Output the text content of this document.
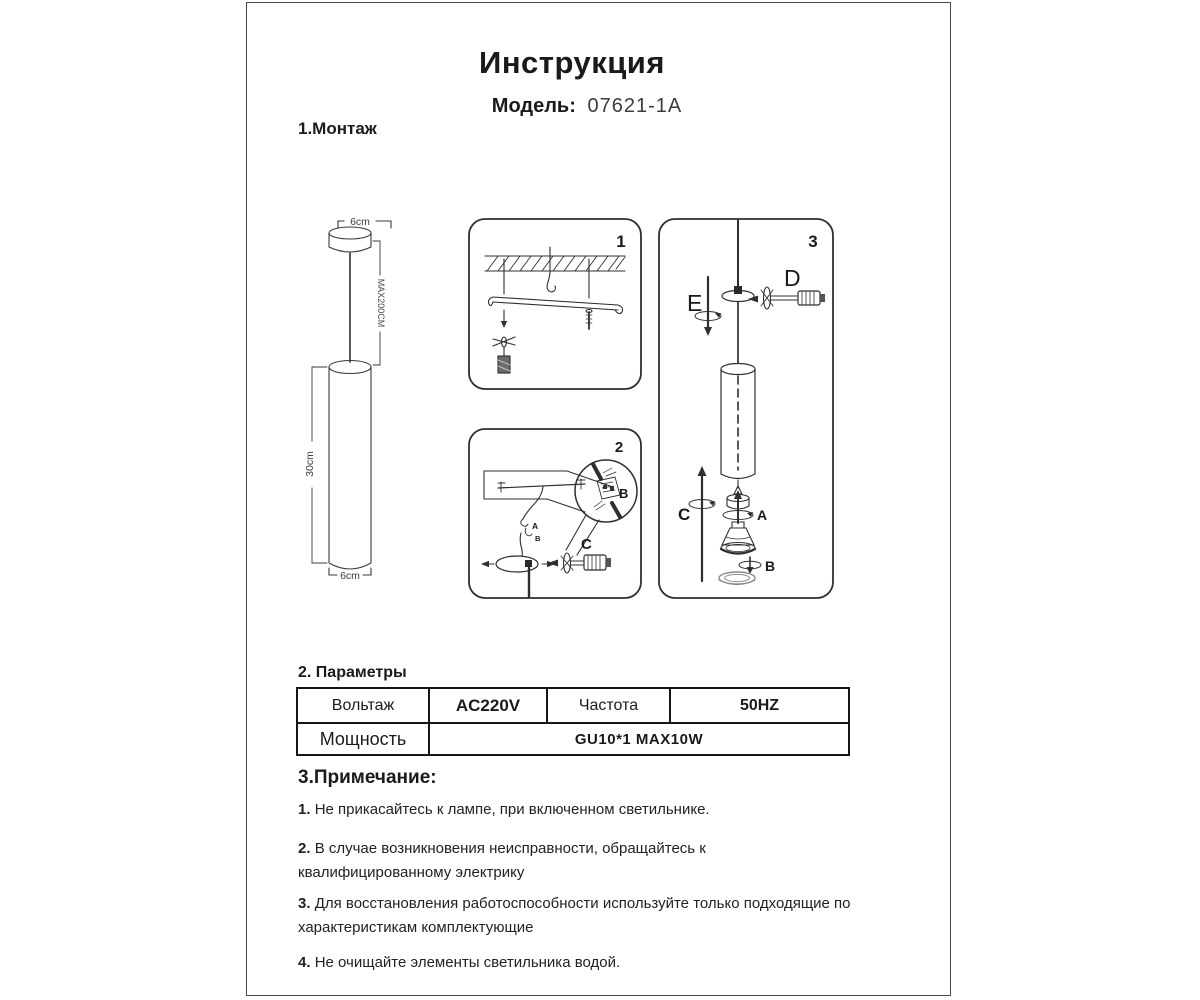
Инструкция
Модель: 07621-1A
1.Монтаж
6cm
MAX200CM
30cm
6cm
1
2
A
B
B
C
3
D
E
C	A
B
2. Параметры
Вольтаж	AC220V	Частота	50HZ
Мощность	GU10*1 MAX10W		
3.Примечание:

1. Не прикасайтесь к лампе, при включенном светильнике.

2. В случае возникновения неисправности, обращайтесь к квалифицированному электрику

3. Для восстановления работоспособности используйте только подходящие по характеристикам комплектующие

4. Не очищайте элементы светильника водой.
